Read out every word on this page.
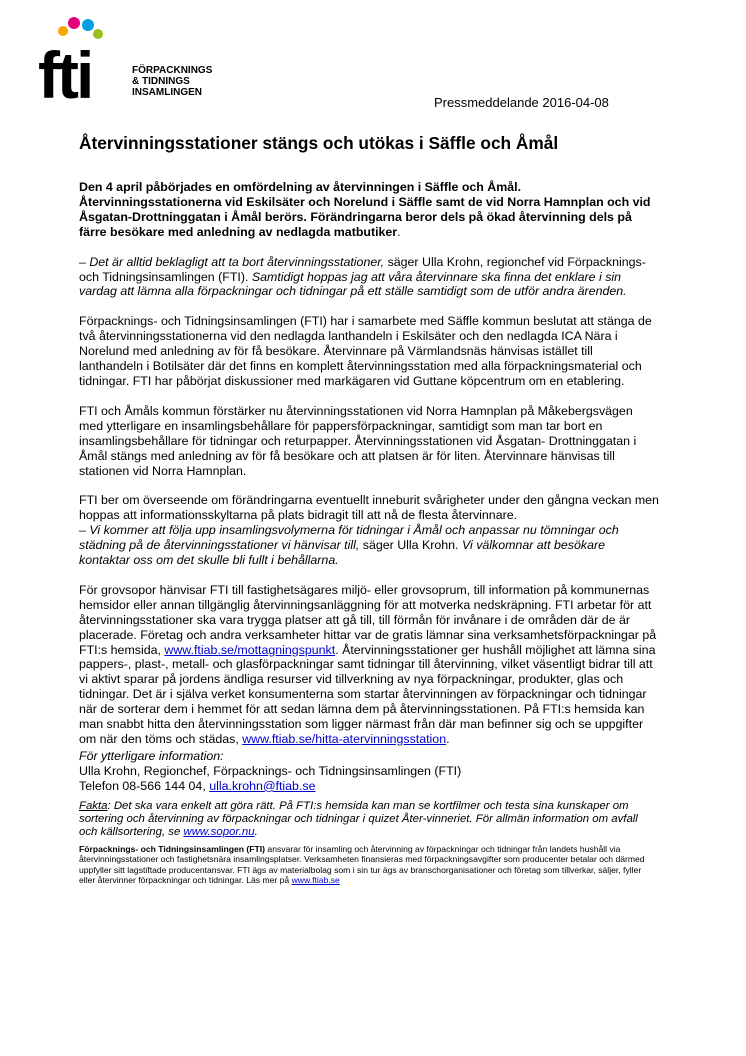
fti	FÖRPACKNINGS
& TIDNINGS
INSAMLINGEN
Pressmeddelande 2016-04-08
Återvinningsstationer stängs och utökas i Säffle och Åmål

Den 4 april påbörjades en omfördelning av återvinningen i Säffle och Åmål. Återvinningsstationerna vid Eskilsäter och Norelund i Säffle samt de vid Norra Hamnplan och vid Åsgatan-Drottninggatan i Åmål berörs. Förändringarna beror dels på ökad återvinning dels på färre besökare med anledning av nedlagda matbutiker.

– Det är alltid beklagligt att ta bort återvinningsstationer, säger Ulla Krohn, regionchef vid Förpacknings- och Tidningsinsamlingen (FTI). Samtidigt hoppas jag att våra återvinnare ska finna det enklare i sin vardag att lämna alla förpackningar och tidningar på ett ställe samtidigt som de utför andra ärenden.

Förpacknings- och Tidningsinsamlingen (FTI) har i samarbete med Säffle kommun beslutat att stänga de två återvinningsstationerna vid den nedlagda lanthandeln i Eskilsäter och den nedlagda ICA Nära i Norelund med anledning av för få besökare. Återvinnare på Värmlandsnäs hänvisas istället till lanthandeln i Botilsäter där det finns en komplett återvinningsstation med alla förpackningsmaterial och tidningar. FTI har påbörjat diskussioner med markägaren vid Guttane köpcentrum om en etablering.

FTI och Åmåls kommun förstärker nu återvinningsstationen vid Norra Hamnplan på Måkebergsvägen med ytterligare en insamlingsbehållare för pappersförpackningar, samtidigt som man tar bort en insamlingsbehållare för tidningar och returpapper. Återvinningsstationen vid Åsgatan- Drottninggatan i Åmål stängs med anledning av för få besökare och att platsen är för liten. Återvinnare hänvisas till stationen vid Norra Hamnplan.

FTI ber om överseende om förändringarna eventuellt inneburit svårigheter under den gångna veckan men hoppas att informationsskyltarna på plats bidragit till att nå de flesta återvinnare.
– Vi kommer att följa upp insamlingsvolymerna för tidningar i Åmål och anpassar nu tömningar och städning på de återvinningsstationer vi hänvisar till, säger Ulla Krohn. Vi välkomnar att besökare kontaktar oss om det skulle bli fullt i behållarna.

För grovsopor hänvisar FTI till fastighetsägares miljö- eller grovsoprum, till information på kommunernas hemsidor eller annan tillgänglig återvinningsanläggning för att motverka nedskräpning. FTI arbetar för att återvinningsstationer ska vara trygga platser att gå till, till förmån för invånare i de områden där de är placerade. Företag och andra verksamheter hittar var de gratis lämnar sina verksamhetsförpackningar på FTI:s hemsida, www.ftiab.se/mottagningspunkt. Återvinningsstationer ger hushåll möjlighet att lämna sina pappers-, plast-, metall- och glasförpackningar samt tidningar till återvinning, vilket väsentligt bidrar till att vi aktivt sparar på jordens ändliga resurser vid tillverkning av nya förpackningar, produkter, glas och tidningar. Det är i själva verket konsumenterna som startar återvinningen av förpackningar och tidningar när de sorterar dem i hemmet för att sedan lämna dem på återvinningsstationen. På FTI:s hemsida kan man snabbt hitta den återvinningsstation som ligger närmast från där man befinner sig och se uppgifter om när den töms och städas, www.ftiab.se/hitta-atervinningsstation.

För ytterligare information:
Ulla Krohn, Regionchef, Förpacknings- och Tidningsinsamlingen (FTI)
Telefon 08-566 144 04, ulla.krohn@ftiab.se
Fakta: Det ska vara enkelt att göra rätt. På FTI:s hemsida kan man se kortfilmer och testa sina kunskaper om sortering och återvinning av förpackningar och tidningar i quizet Åter-vinneriet. För allmän information om avfall och källsortering, se www.sopor.nu.
Förpacknings- och Tidningsinsamlingen (FTI) ansvarar för insamling och återvinning av förpackningar och tidningar från landets hushåll via återvinningsstationer och fastighetsnära insamlingsplatser. Verksamheten finansieras med förpackningsavgifter som producenter betalar och därmed uppfyller sitt lagstiftade producentansvar. FTI ägs av materialbolag som i sin tur ägs av branschorganisationer och företag som tillverkar, säljer, fyller eller återvinner förpackningar och tidningar. Läs mer på www.ftiab.se
